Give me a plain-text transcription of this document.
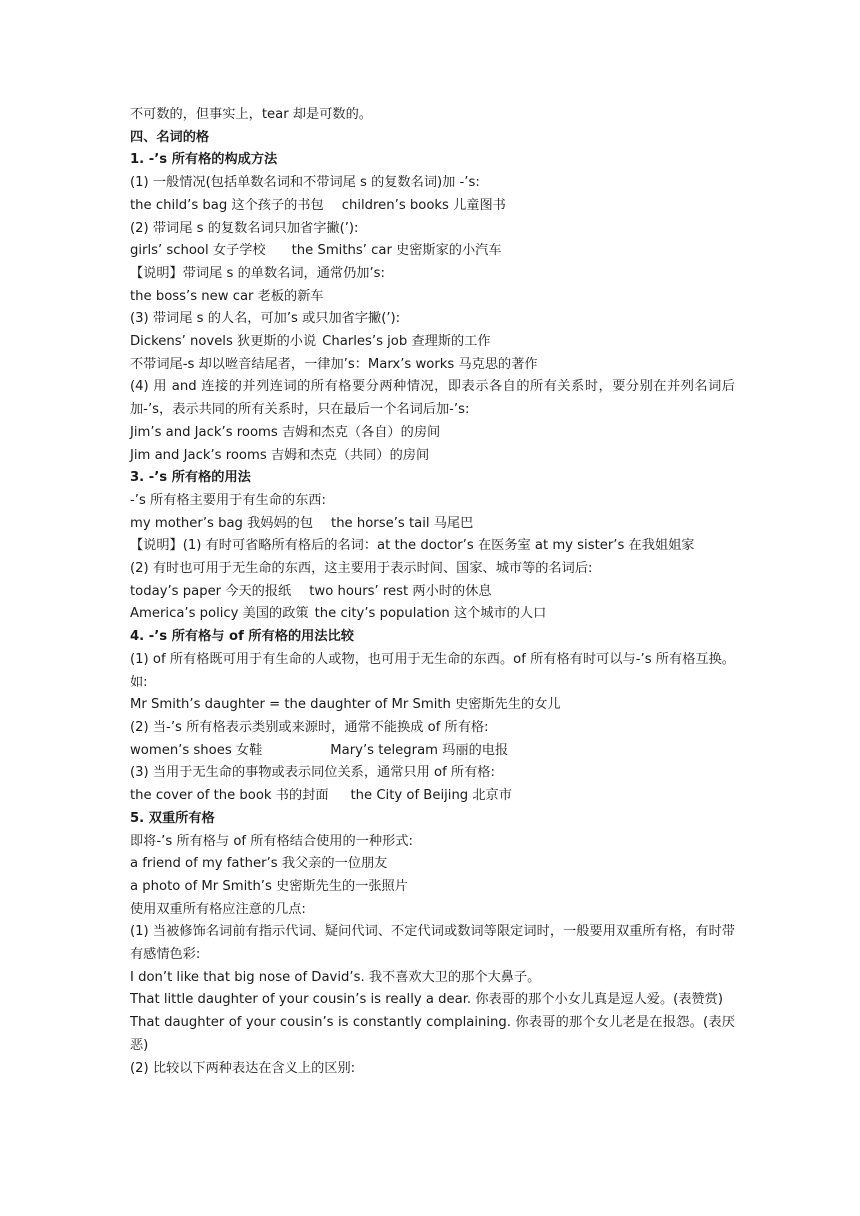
不可数的，但事实上，tear 却是可数的。
四、名词的格
1. -’s 所有格的构成方法
(1) 一般情况(包括单数名词和不带词尾 s 的复数名词)加 -’s:
the child’s bag 这个孩子的书包 children’s books 儿童图书
(2) 带词尾 s 的复数名词只加省字撇(’):
girls’ school 女子学校 the Smiths’ car 史密斯家的小汽车
【说明】带词尾 s 的单数名词，通常仍加’s:
the boss’s new car 老板的新车
(3) 带词尾 s 的人名，可加’s 或只加省字撇(’):
Dickens’ novels 狄更斯的小说 Charles’s job 查理斯的工作
不带词尾-s 却以咝音结尾者，一律加’s：Marx’s works 马克思的著作
(4) 用 and 连接的并列连词的所有格要分两种情况，即表示各自的所有关系时，要分别在并列名词后加-’s，表示共同的所有关系时，只在最后一个名词后加-’s:
Jim’s and Jack’s rooms 吉姆和杰克（各自）的房间
Jim and Jack’s rooms 吉姆和杰克（共同）的房间
3. -’s 所有格的用法
-’s 所有格主要用于有生命的东西:
my mother’s bag 我妈妈的包 the horse’s tail 马尾巴
【说明】(1) 有时可省略所有格后的名词：at the doctor’s 在医务室 at my sister’s 在我姐姐家
(2) 有时也可用于无生命的东西，这主要用于表示时间、国家、城市等的名词后:
today’s paper 今天的报纸 two hours’ rest 两小时的休息
America’s policy 美国的政策 the city’s population 这个城市的人口
4. -’s 所有格与 of 所有格的用法比较
(1) of 所有格既可用于有生命的人或物，也可用于无生命的东西。of 所有格有时可以与-’s 所有格互换。如:
Mr Smith’s daughter = the daughter of Mr Smith 史密斯先生的女儿
(2) 当-’s 所有格表示类别或来源时，通常不能换成 of 所有格:
women’s shoes 女鞋	Mary’s telegram 玛丽的电报
(3) 当用于无生命的事物或表示同位关系，通常只用 of 所有格:
the cover of the book 书的封面 the City of Beijing 北京市
5. 双重所有格
即将-’s 所有格与 of 所有格结合使用的一种形式:
a friend of my father’s 我父亲的一位朋友
a photo of Mr Smith’s 史密斯先生的一张照片
使用双重所有格应注意的几点:
(1) 当被修饰名词前有指示代词、疑问代词、不定代词或数词等限定词时，一般要用双重所有格，有时带有感情色彩:
I don’t like that big nose of David’s. 我不喜欢大卫的那个大鼻子。
That little daughter of your cousin’s is really a dear. 你表哥的那个小女儿真是逗人爱。(表赞赏)
That daughter of your cousin’s is constantly complaining. 你表哥的那个女儿老是在报怨。(表厌恶)
(2) 比较以下两种表达在含义上的区别:
